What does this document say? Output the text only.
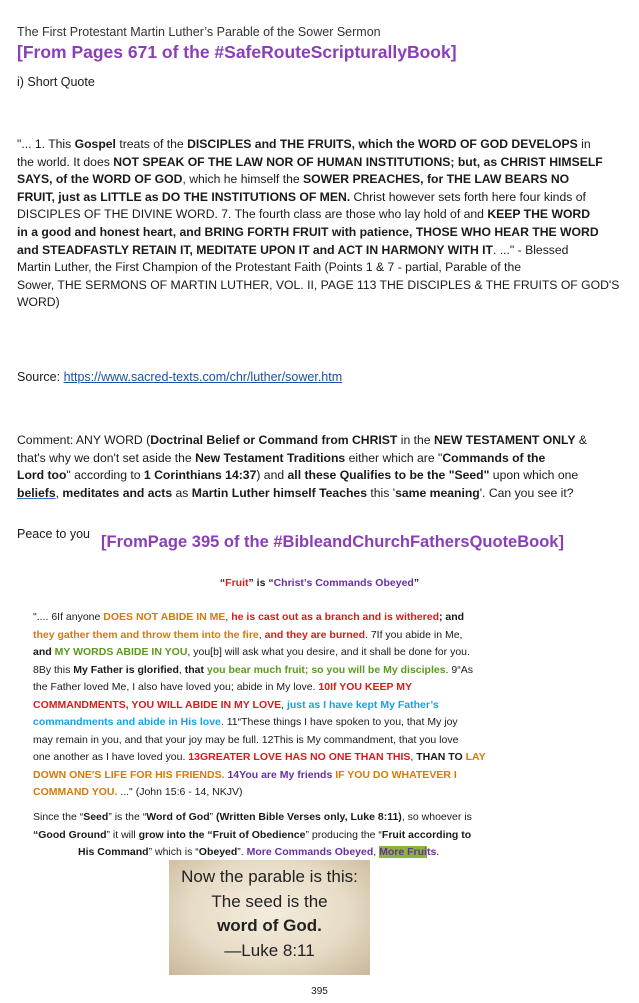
The First Protestant Martin Luther’s Parable of the Sower Sermon
[From Pages 671 of the #SafeRouteScripturallyBook]
i) Short Quote

"... 1. This Gospel treats of the DISCIPLES and THE FRUITS, which the WORD OF GOD DEVELOPS in

the world. It does NOT SPEAK OF THE LAW NOR OF HUMAN INSTITUTIONS; but, as CHRIST HIMSELF

SAYS, of the WORD OF GOD, which he himself the SOWER PREACHES, for THE LAW BEARS NO

FRUIT, just as LITTLE as DO THE INSTITUTIONS OF MEN. Christ however sets forth here four kinds of

DISCIPLES OF THE DIVINE WORD. 7. The fourth class are those who lay hold of and KEEP THE WORD

in a good and honest heart, and BRING FORTH FRUIT with patience, THOSE WHO HEAR THE WORD

and STEADFASTLY RETAIN IT, MEDITATE UPON IT and ACT IN HARMONY WITH IT. ..." - Blessed

Martin Luther, the First Champion of the Protestant Faith (Points 1 & 7 - partial, Parable of the

Sower, THE SERMONS OF MARTIN LUTHER, VOL. II, PAGE 113 THE DISCIPLES & THE FRUITS OF GOD'S

WORD)

Source: https://www.sacred-texts.com/chr/luther/sower.htm

Comment: ANY WORD (Doctrinal Belief or Command from CHRIST in the NEW TESTAMENT ONLY &

that's why we don't set aside the New Testament Traditions either which are "Commands of the

Lord too" according to 1 Corinthians 14:37) and all these Qualifies to be the "Seed" upon which one

beliefs, meditates and acts as Martin Luther himself Teaches this 'same meaning'. Can you see it?

Peace to you [FromPage 395 of the #BibleandChurchFathersQuoteBook]
“Fruit” is “Christ’s Commands Obeyed”

".... 6If anyone DOES NOT ABIDE IN ME, he is cast out as a branch and is withered; and

they gather them and throw them into the fire, and they are burned. 7If you abide in Me,

and MY WORDS ABIDE IN YOU, you[b] will ask what you desire, and it shall be done for you.

8By this My Father is glorified, that you bear much fruit; so you will be My disciples. 9“As

the Father loved Me, I also have loved you; abide in My love. 10If YOU KEEP MY

COMMANDMENTS, YOU WILL ABIDE IN MY LOVE, just as I have kept My Father’s

commandments and abide in His love. 11“These things I have spoken to you, that My joy

may remain in you, and that your joy may be full. 12This is My commandment, that you love

one another as I have loved you. 13GREATER LOVE HAS NO ONE THAN THIS, THAN TO LAY

DOWN ONE'S LIFE FOR HIS FRIENDS. 14You are My friends IF YOU DO WHATEVER I

COMMAND YOU. ..." (John 15:6 - 14, NKJV)

Since the “Seed” is the “Word of God” (Written Bible Verses only, Luke 8:11), so whoever is

“Good Ground” it will grow into the “Fruit of Obedience” producing the “Fruit according to

His Command” which is “Obeyed”. More Commands Obeyed, More Fruits.

Now the parable is this:
The seed is the
word of God.
—Luke 8:11
395
